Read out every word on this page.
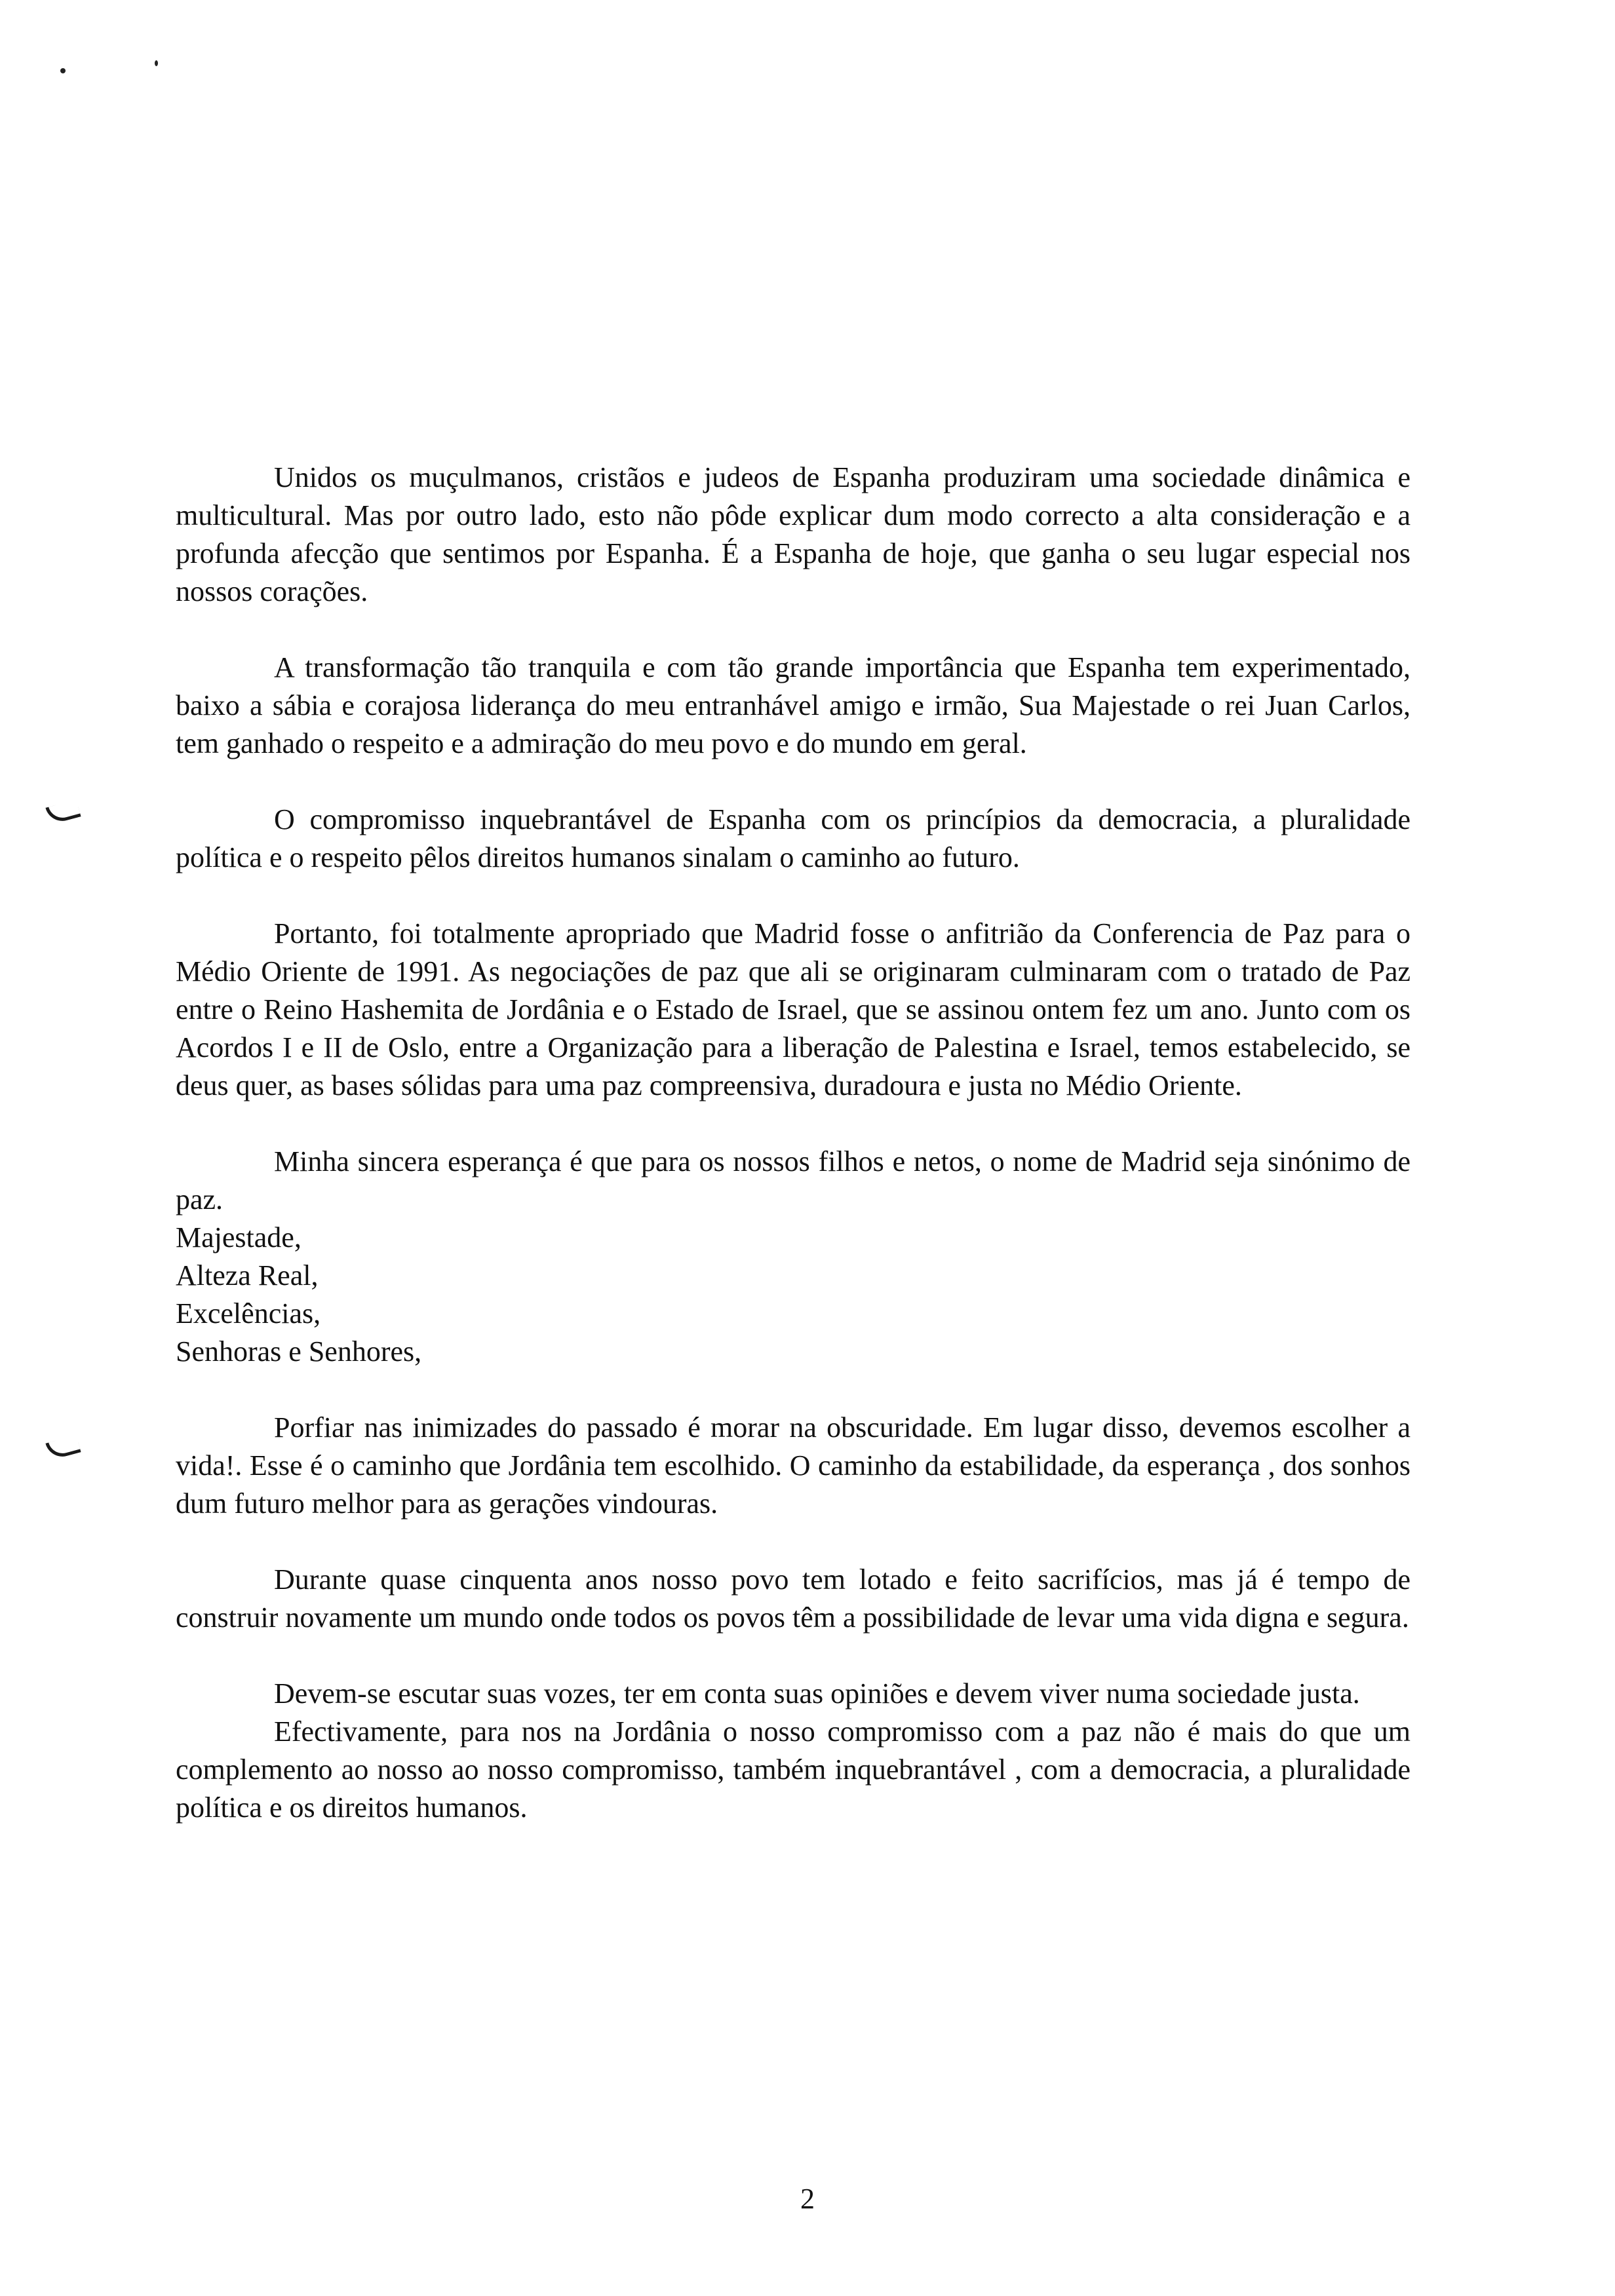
Unidos os muçulmanos, cristãos e judeos de Espanha produziram uma sociedade dinâmica e multicultural. Mas por outro lado, esto não pôde explicar dum modo correcto a alta consideração e a profunda afecção que sentimos por Espanha. É a Espanha de hoje, que ganha o seu lugar especial nos nossos corações.

A transformação tão tranquila e com tão grande importância que Espanha tem experimentado, baixo a sábia e corajosa liderança do meu entranhável amigo e irmão, Sua Majestade o rei Juan Carlos, tem ganhado o respeito e a admiração do meu povo e do mundo em geral.

O compromisso inquebrantável de Espanha com os princípios da democracia, a pluralidade política e o respeito pêlos direitos humanos sinalam o caminho ao futuro.

Portanto, foi totalmente apropriado que Madrid fosse o anfitrião da Conferencia de Paz para o Médio Oriente de 1991. As negociações de paz que ali se originaram culminaram com o tratado de Paz entre o Reino Hashemita de Jordânia e o Estado de Israel, que se assinou ontem fez um ano. Junto com os Acordos I e II de Oslo, entre a Organização para a liberação de Palestina e Israel, temos estabelecido, se deus quer, as bases sólidas para uma paz compreensiva, duradoura e justa no Médio Oriente.

Minha sincera esperança é que para os nossos filhos e netos, o nome de Madrid seja sinónimo de paz.

Majestade,
Alteza Real,
Excelências,
Senhoras e Senhores,

Porfiar nas inimizades do passado é morar na obscuridade. Em lugar disso, devemos escolher a vida!. Esse é o caminho que Jordânia tem escolhido. O caminho da estabilidade, da esperança , dos sonhos dum futuro melhor para as gerações vindouras.

Durante quase cinquenta anos nosso povo tem lotado e feito sacrifícios, mas já é tempo de construir novamente um mundo onde todos os povos têm a possibilidade de levar uma vida digna e segura.

Devem-se escutar suas vozes, ter em conta suas opiniões e devem viver numa sociedade justa.

Efectivamente, para nos na Jordânia o nosso compromisso com a paz não é mais do que um complemento ao nosso ao nosso compromisso, também inquebrantável , com a democracia, a pluralidade política e os direitos humanos.

2
